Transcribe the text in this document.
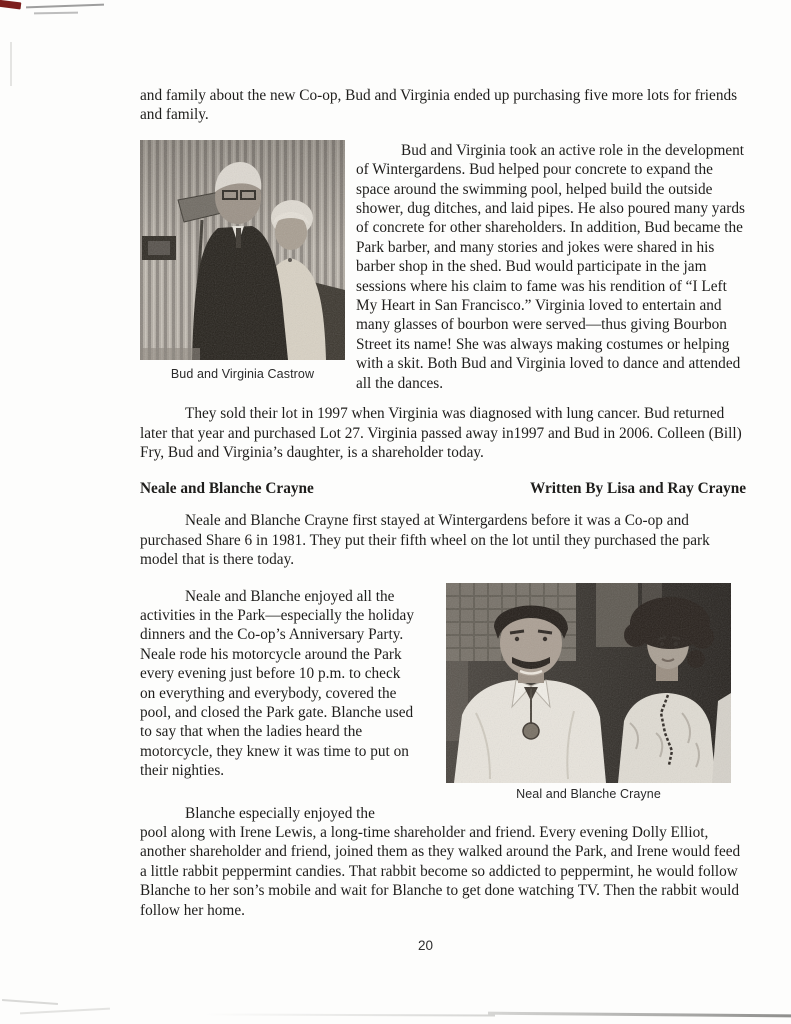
and family about the new Co-op, Bud and Virginia ended up purchasing five more lots for friends and family.

Bud and Virginia Castrow

Bud and Virginia took an active role in the development of Wintergardens. Bud helped pour concrete to expand the space around the swimming pool, helped build the outside shower, dug ditches, and laid pipes. He also poured many yards of concrete for other shareholders. In addition, Bud became the Park barber, and many stories and jokes were shared in his barber shop in the shed. Bud would participate in the jam sessions where his claim to fame was his rendition of “I Left My Heart in San Francisco.” Virginia loved to entertain and many glasses of bourbon were served—thus giving Bourbon Street its name! She was always making costumes or helping with a skit. Both Bud and Virginia loved to dance and attended all the dances.

They sold their lot in 1997 when Virginia was diagnosed with lung cancer. Bud returned later that year and purchased Lot 27. Virginia passed away in1997 and Bud in 2006. Colleen (Bill) Fry, Bud and Virginia’s daughter, is a shareholder today.

Neale and Blanche Crayne	Written By Lisa and Ray Crayne

Neale and Blanche Crayne first stayed at Wintergardens before it was a Co-op and purchased Share 6 in 1981. They put their fifth wheel on the lot until they purchased the park model that is there today.

Neale and Blanche enjoyed all the activities in the Park—especially the holiday dinners and the Co-op’s Anniversary Party. Neale rode his motorcycle around the Park every evening just before 10 p.m. to check on everything and everybody, covered the pool, and closed the Park gate. Blanche used to say that when the ladies heard the motorcycle, they knew it was time to put on their nighties.

Neal and Blanche Crayne

Blanche especially enjoyed the
pool along with Irene Lewis, a long-time shareholder and friend. Every evening Dolly Elliot, another shareholder and friend, joined them as they walked around the Park, and Irene would feed a little rabbit peppermint candies. That rabbit become so addicted to peppermint, he would follow Blanche to her son’s mobile and wait for Blanche to get done watching TV. Then the rabbit would follow her home.

20
